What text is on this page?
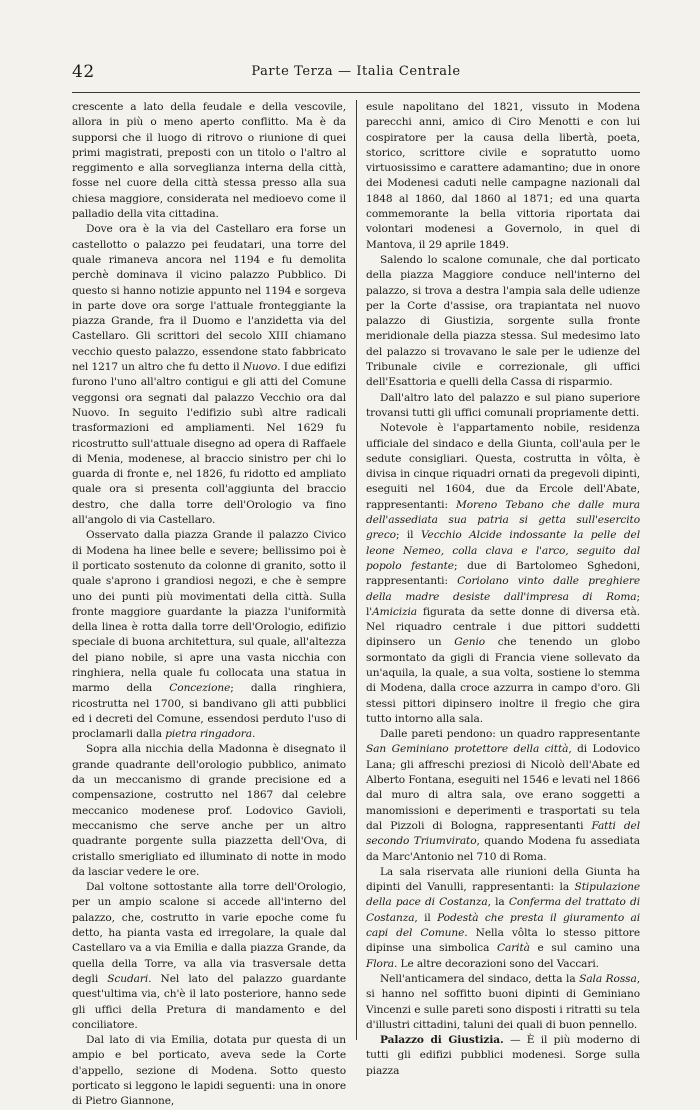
42	Parte Terza — Italia Centrale

crescente a lato della feudale e della vescovile, allora in più o meno aperto conflitto. Ma è da supporsi che il luogo di ritrovo o riunione di quei primi magistrati, preposti con un titolo o l'altro al reggimento e alla sorveglianza interna della città, fosse nel cuore della città stessa presso alla sua chiesa maggiore, considerata nel medioevo come il palladio della vita cittadina.

Dove ora è la via del Castellaro era forse un castellotto o palazzo pei feudatari, una torre del quale rimaneva ancora nel 1194 e fu demolita perchè dominava il vicino palazzo Pubblico. Di questo si hanno notizie appunto nel 1194 e sorgeva in parte dove ora sorge l'attuale fronteggiante la piazza Grande, fra il Duomo e l'anzidetta via del Castellaro. Gli scrittori del secolo XIII chiamano vecchio questo palazzo, essendone stato fabbricato nel 1217 un altro che fu detto il Nuovo. I due edifizi furono l'uno all'altro contigui e gli atti del Comune veggonsi ora segnati dal palazzo Vecchio ora dal Nuovo. In seguito l'edifizio subì altre radicali trasformazioni ed ampliamenti. Nel 1629 fu ricostrutto sull'attuale disegno ad opera di Raffaele di Menia, modenese, al braccio sinistro per chi lo guarda di fronte e, nel 1826, fu ridotto ed ampliato quale ora si presenta coll'aggiunta del braccio destro, che dalla torre dell'Orologio va fino all'angolo di via Castellaro.

Osservato dalla piazza Grande il palazzo Civico di Modena ha linee belle e severe; bellissimo poi è il porticato sostenuto da colonne di granito, sotto il quale s'aprono i grandiosi negozi, e che è sempre uno dei punti più movimentati della città. Sulla fronte maggiore guardante la piazza l'uniformità della linea è rotta dalla torre dell'Orologio, edifizio speciale di buona architettura, sul quale, all'altezza del piano nobile, si apre una vasta nicchia con ringhiera, nella quale fu collocata una statua in marmo della Concezione; dalla ringhiera, ricostrutta nel 1700, si bandivano gli atti pubblici ed i decreti del Comune, essendosi perduto l'uso di proclamarli dalla pietra ringadora.

Sopra alla nicchia della Madonna è disegnato il grande quadrante dell'orologio pubblico, animato da un meccanismo di grande precisione ed a compensazione, costrutto nel 1867 dal celebre meccanico modenese prof. Lodovico Gavioli, meccanismo che serve anche per un altro quadrante porgente sulla piazzetta dell'Ova, di cristallo smerigliato ed illuminato di notte in modo da lasciar vedere le ore.

Dal voltone sottostante alla torre dell'Orologio, per un ampio scalone si accede all'interno del palazzo, che, costrutto in varie epoche come fu detto, ha pianta vasta ed irregolare, la quale dal Castellaro va a via Emilia e dalla piazza Grande, da quella della Torre, va alla via trasversale detta degli Scudari. Nel lato del palazzo guardante quest'ultima via, ch'è il lato posteriore, hanno sede gli uffici della Pretura di mandamento e del conciliatore.

Dal lato di via Emilia, dotata pur questa di un ampio e bel porticato, aveva sede la Corte d'appello, sezione di Modena. Sotto questo porticato si leggono le lapidi seguenti: una in onore di Pietro Giannone,

esule napolitano del 1821, vissuto in Modena parecchi anni, amico di Ciro Menotti e con lui cospiratore per la causa della libertà, poeta, storico, scrittore civile e sopratutto uomo virtuosissimo e carattere adamantino; due in onore dei Modenesi caduti nelle campagne nazionali dal 1848 al 1860, dal 1860 al 1871; ed una quarta commemorante la bella vittoria riportata dai volontari modenesi a Governolo, in quel di Mantova, il 29 aprile 1849.

Salendo lo scalone comunale, che dal porticato della piazza Maggiore conduce nell'interno del palazzo, si trova a destra l'ampia sala delle udienze per la Corte d'assise, ora trapiantata nel nuovo palazzo di Giustizia, sorgente sulla fronte meridionale della piazza stessa. Sul medesimo lato del palazzo si trovavano le sale per le udienze del Tribunale civile e correzionale, gli uffici dell'Esattoria e quelli della Cassa di risparmio.

Dall'altro lato del palazzo e sul piano superiore trovansi tutti gli uffici comunali propriamente detti.

Notevole è l'appartamento nobile, residenza ufficiale del sindaco e della Giunta, coll'aula per le sedute consigliari. Questa, costrutta in vôlta, è divisa in cinque riquadri ornati da pregevoli dipinti, eseguiti nel 1604, due da Ercole dell'Abate, rappresentanti: Moreno Tebano che dalle mura dell'assediata sua patria si getta sull'esercito greco; il Vecchio Alcide indossante la pelle del leone Nemeo, colla clava e l'arco, seguito dal popolo festante; due di Bartolomeo Sghedoni, rappresentanti: Coriolano vinto dalle preghiere della madre desiste dall'impresa di Roma; l'Amicizia figurata da sette donne di diversa età. Nel riquadro centrale i due pittori suddetti dipinsero un Genio che tenendo un globo sormontato da gigli di Francia viene sollevato da un'aquila, la quale, a sua volta, sostiene lo stemma di Modena, dalla croce azzurra in campo d'oro. Gli stessi pittori dipinsero inoltre il fregio che gira tutto intorno alla sala.

Dalle pareti pendono: un quadro rappresentante San Geminiano protettore della città, di Lodovico Lana; gli affreschi preziosi di Nicolò dell'Abate ed Alberto Fontana, eseguiti nel 1546 e levati nel 1866 dal muro di altra sala, ove erano soggetti a manomissioni e deperimenti e trasportati su tela dal Pizzoli di Bologna, rappresentanti Fatti del secondo Triumvirato, quando Modena fu assediata da Marc'Antonio nel 710 di Roma.

La sala riservata alle riunioni della Giunta ha dipinti del Vanulli, rappresentanti: la Stipulazione della pace di Costanza, la Conferma del trattato di Costanza, il Podestà che presta il giuramento ai capi del Comune. Nella vôlta lo stesso pittore dipinse una simbolica Carità e sul camino una Flora. Le altre decorazioni sono del Vaccari.

Nell'anticamera del sindaco, detta la Sala Rossa, si hanno nel soffitto buoni dipinti di Geminiano Vincenzi e sulle pareti sono disposti i ritratti su tela d'illustri cittadini, taluni dei quali di buon pennello.

Palazzo di Giustizia. — È il più moderno di tutti gli edifizi pubblici modenesi. Sorge sulla piazza
